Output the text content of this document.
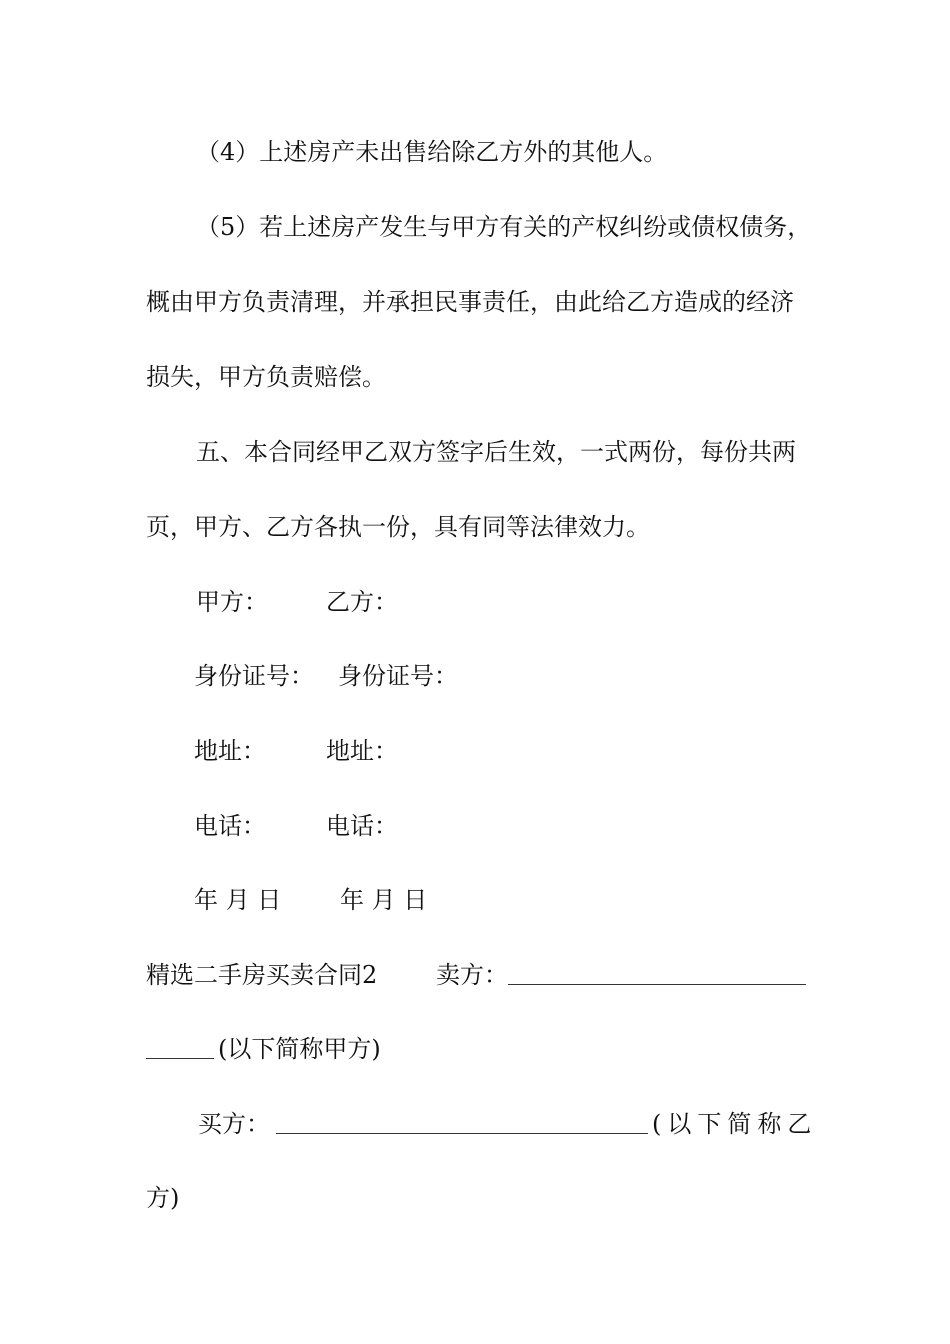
（4）上述房产未出售给除乙方外的其他人。
（5）若上述房产发生与甲方有关的产权纠纷或债权债务，
概由甲方负责清理，并承担民事责任，由此给乙方造成的经济
损失，甲方负责赔偿。
五、本合同经甲乙双方签字后生效，一式两份，每份共两
页，甲方、乙方各执一份，具有同等法律效力。
甲方： 乙方：
身份证号： 身份证号：
地址：	地址：
电话：	电话：
年 月 日 年 月 日
精选二手房买卖合同2 卖方：
(以下简称甲方)
买方：	(以下简称乙
方)
